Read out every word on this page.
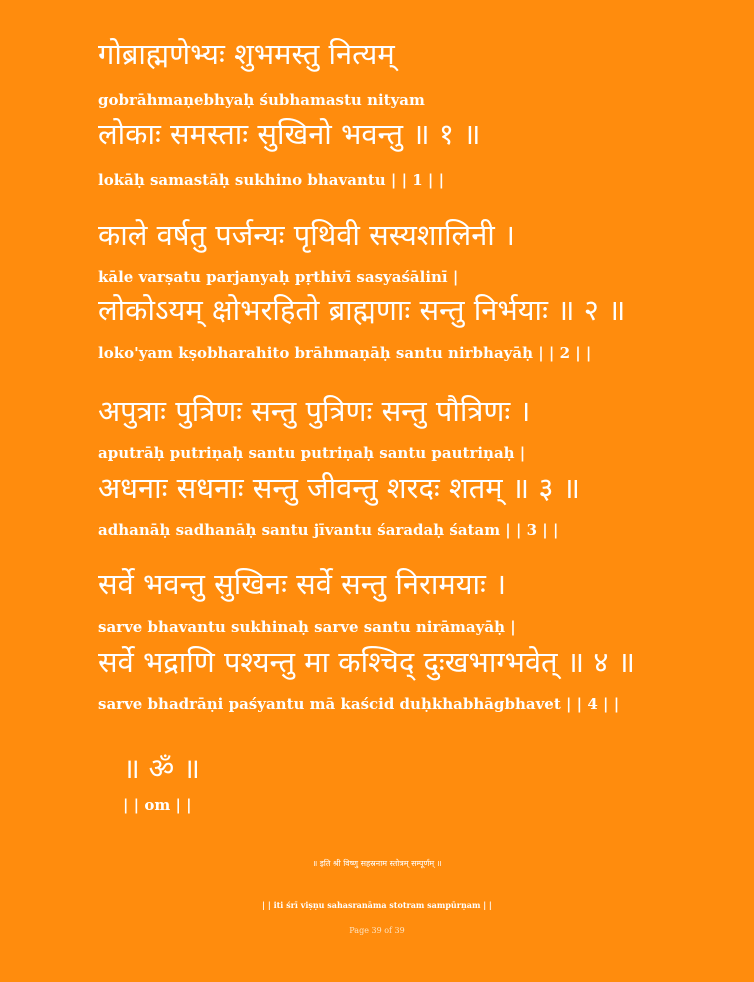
गोब्राह्मणेभ्यः शुभमस्तु नित्यम्
gobrāhmaṇebhyaḥ śubhamastu nityam
लोकाः समस्ताः सुखिनो भवन्तु ॥ १ ॥
lokāḥ samastāḥ sukhino bhavantu | | 1 | |
काले वर्षतु पर्जन्यः पृथिवी सस्यशालिनी ।
kāle varṣatu parjanyaḥ pṛthivī sasyaśālinī |
लोकोऽयम् क्षोभरहितो ब्राह्मणाः सन्तु निर्भयाः ॥ २ ॥
loko'yam kṣobharahito brāhmaṇāḥ santu nirbhayāḥ | | 2 | |
अपुत्राः पुत्रिणः सन्तु पुत्रिणः सन्तु पौत्रिणः ।
aputrāḥ putriṇaḥ santu putriṇaḥ santu pautriṇaḥ |
अधनाः सधनाः सन्तु जीवन्तु शरदः शतम् ॥ ३ ॥
adhanāḥ sadhanāḥ santu jīvantu śaradaḥ śatam | | 3 | |
सर्वे भवन्तु सुखिनः सर्वे सन्तु निरामयाः ।
sarve bhavantu sukhinaḥ sarve santu nirāmayāḥ |
सर्वे भद्राणि पश्यन्तु मा कश्चिद् दुःखभाग्भवेत् ॥ ४ ॥
sarve bhadrāṇi paśyantu mā kaścid duḥkhabhāgbhavet | | 4 | |
॥ ॐ ॥
| | om | |
॥ इति श्री विष्णु सहस्रनाम स्तोत्रम् सम्पूर्णम् ॥
| | iti śrī viṣṇu sahasranāma stotram sampūrṇam | |
Page 39 of 39
